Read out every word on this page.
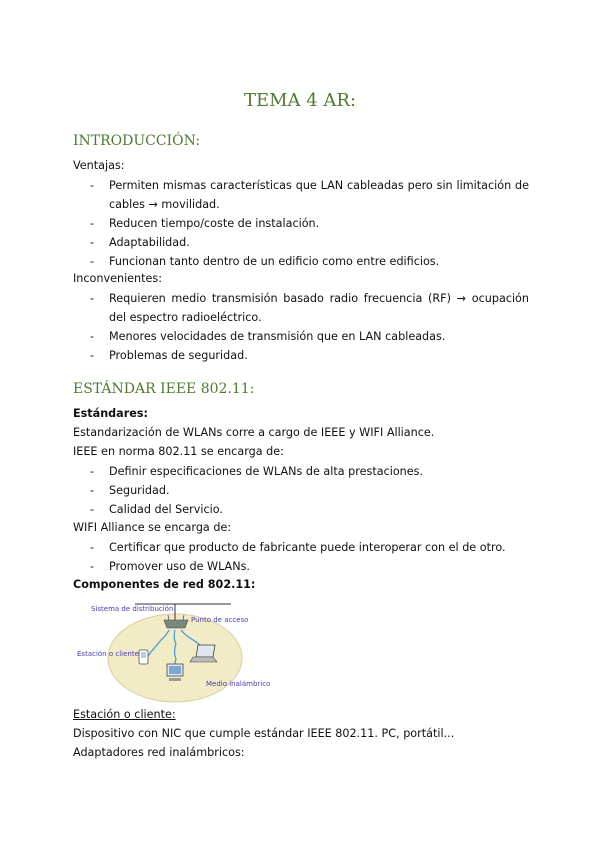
TEMA 4 AR:
INTRODUCCIÓN:
Ventajas:
- Permiten mismas características que LAN cableadas pero sin limitación de cables → movilidad.
- Reducen tiempo/coste de instalación.
- Adaptabilidad.
- Funcionan tanto dentro de un edificio como entre edificios.
Inconvenientes:
- Requieren medio transmisión basado radio frecuencia (RF) → ocupación del espectro radioeléctrico.
- Menores velocidades de transmisión que en LAN cableadas.
- Problemas de seguridad.
ESTÁNDAR IEEE 802.11:
Estándares:
Estandarización de WLANs corre a cargo de IEEE y WIFI Alliance.
IEEE en norma 802.11 se encarga de:
- Definir especificaciones de WLANs de alta prestaciones.
- Seguridad.
- Calidad del Servicio.
WIFI Alliance se encarga de:
- Certificar que producto de fabricante puede interoperar con el de otro.
- Promover uso de WLANs.
Componentes de red 802.11:
Sistema de distribución
Punto de acceso
Estación o cliente
Medio inalámbrico
Estación o cliente:
Dispositivo con NIC que cumple estándar IEEE 802.11. PC, portátil...
Adaptadores red inalámbricos:
